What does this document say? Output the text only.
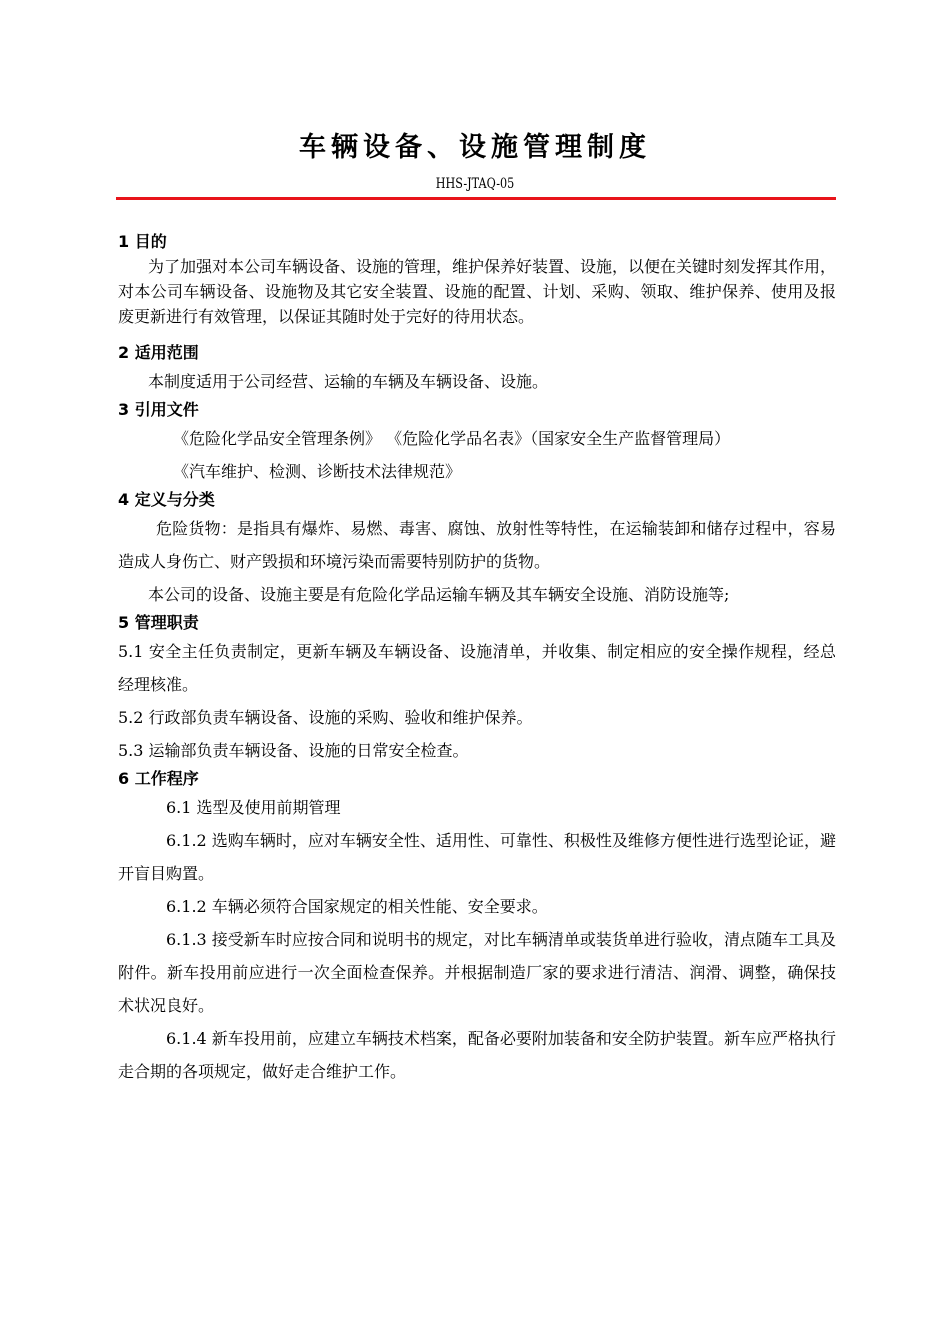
车辆设备、设施管理制度
HHS-JTAQ-05
1 目的

为了加强对本公司车辆设备、设施的管理，维护保养好装置、设施，以便在关键时刻发挥其作用，对本公司车辆设备、设施物及其它安全装置、设施的配置、计划、采购、领取、维护保养、使用及报废更新进行有效管理，以保证其随时处于完好的待用状态。

2 适用范围

本制度适用于公司经营、运输的车辆及车辆设备、设施。

3 引用文件

《危险化学品安全管理条例》 《危险化学品名表》（国家安全生产监督管理局）

《汽车维护、检测、诊断技术法律规范》

4 定义与分类

危险货物：是指具有爆炸、易燃、毒害、腐蚀、放射性等特性，在运输装卸和储存过程中，容易造成人身伤亡、财产毁损和环境污染而需要特别防护的货物。

本公司的设备、设施主要是有危险化学品运输车辆及其车辆安全设施、消防设施等;

5 管理职责

5.1 安全主任负责制定，更新车辆及车辆设备、设施清单，并收集、制定相应的安全操作规程，经总经理核准。

5.2 行政部负责车辆设备、设施的采购、验收和维护保养。

5.3 运输部负责车辆设备、设施的日常安全检查。

6 工作程序

6.1 选型及使用前期管理

6.1.2 选购车辆时，应对车辆安全性、适用性、可靠性、积极性及维修方便性进行选型论证，避开盲目购置。

6.1.2 车辆必须符合国家规定的相关性能、安全要求。

6.1.3 接受新车时应按合同和说明书的规定，对比车辆清单或装货单进行验收，清点随车工具及附件。新车投用前应进行一次全面检查保养。并根据制造厂家的要求进行清洁、润滑、调整，确保技术状况良好。

6.1.4 新车投用前，应建立车辆技术档案，配备必要附加装备和安全防护装置。新车应严格执行走合期的各项规定，做好走合维护工作。
